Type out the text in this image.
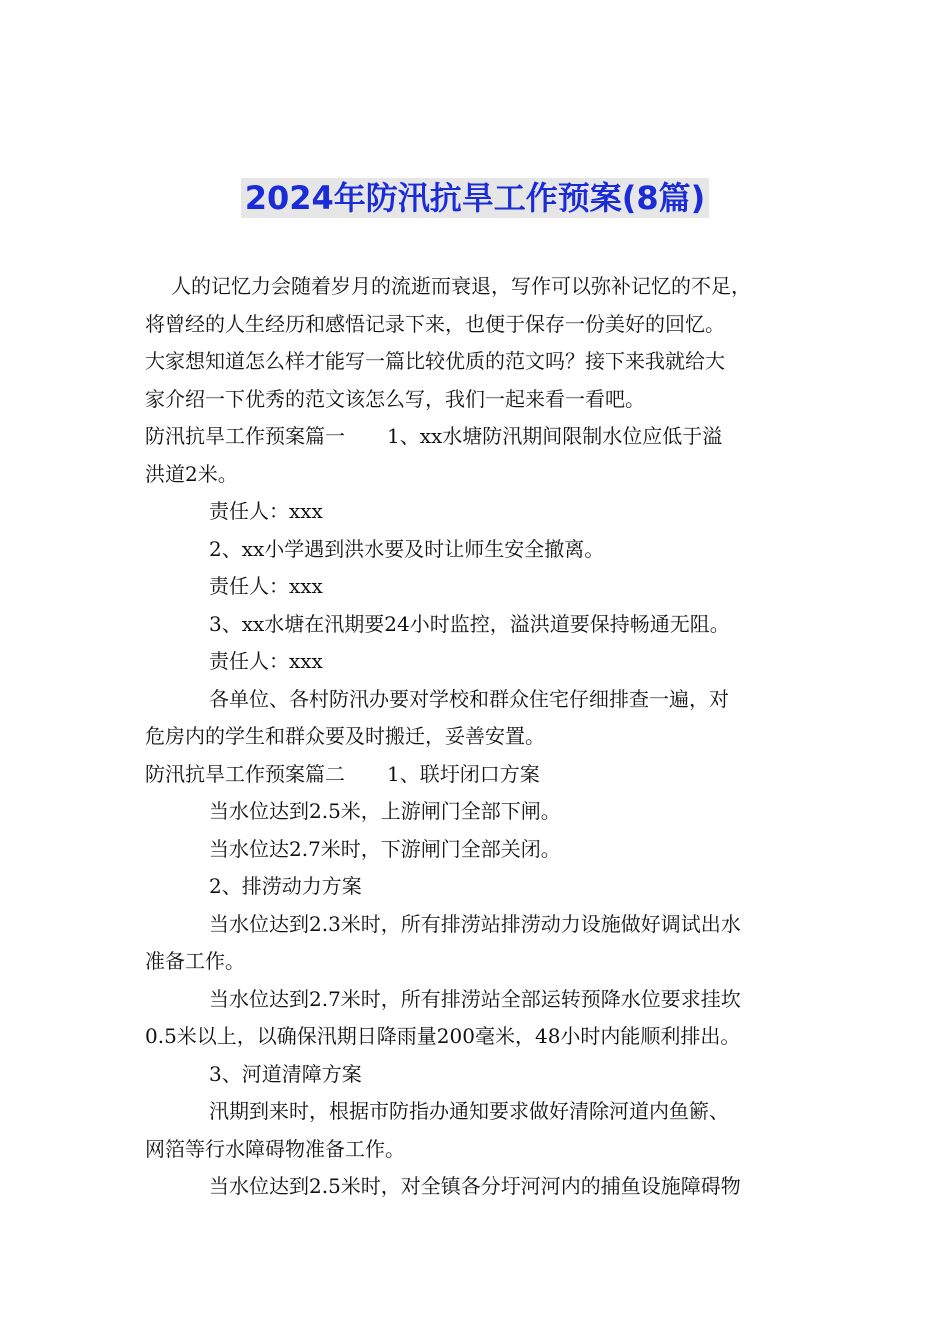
2024年防汛抗旱工作预案(8篇)
人的记忆力会随着岁月的流逝而衰退，写作可以弥补记忆的不足，
将曾经的人生经历和感悟记录下来，也便于保存一份美好的回忆。
大家想知道怎么样才能写一篇比较优质的范文吗？接下来我就给大
家介绍一下优秀的范文该怎么写，我们一起来看一看吧。
防汛抗旱工作预案篇一 1、xx水塘防汛期间限制水位应低于溢
洪道2米。
责任人：xxx
2、xx小学遇到洪水要及时让师生安全撤离。
责任人：xxx
3、xx水塘在汛期要24小时监控，溢洪道要保持畅通无阻。
责任人：xxx
各单位、各村防汛办要对学校和群众住宅仔细排查一遍，对
危房内的学生和群众要及时搬迁，妥善安置。
防汛抗旱工作预案篇二 1、联圩闭口方案
当水位达到2.5米，上游闸门全部下闸。
当水位达2.7米时，下游闸门全部关闭。
2、排涝动力方案
当水位达到2.3米时，所有排涝站排涝动力设施做好调试出水
准备工作。
当水位达到2.7米时，所有排涝站全部运转预降水位要求挂坎
0.5米以上，以确保汛期日降雨量200毫米，48小时内能顺利排出。
3、河道清障方案
汛期到来时，根据市防指办通知要求做好清除河道内鱼簖、
网箔等行水障碍物准备工作。
当水位达到2.5米时，对全镇各分圩河河内的捕鱼设施障碍物
